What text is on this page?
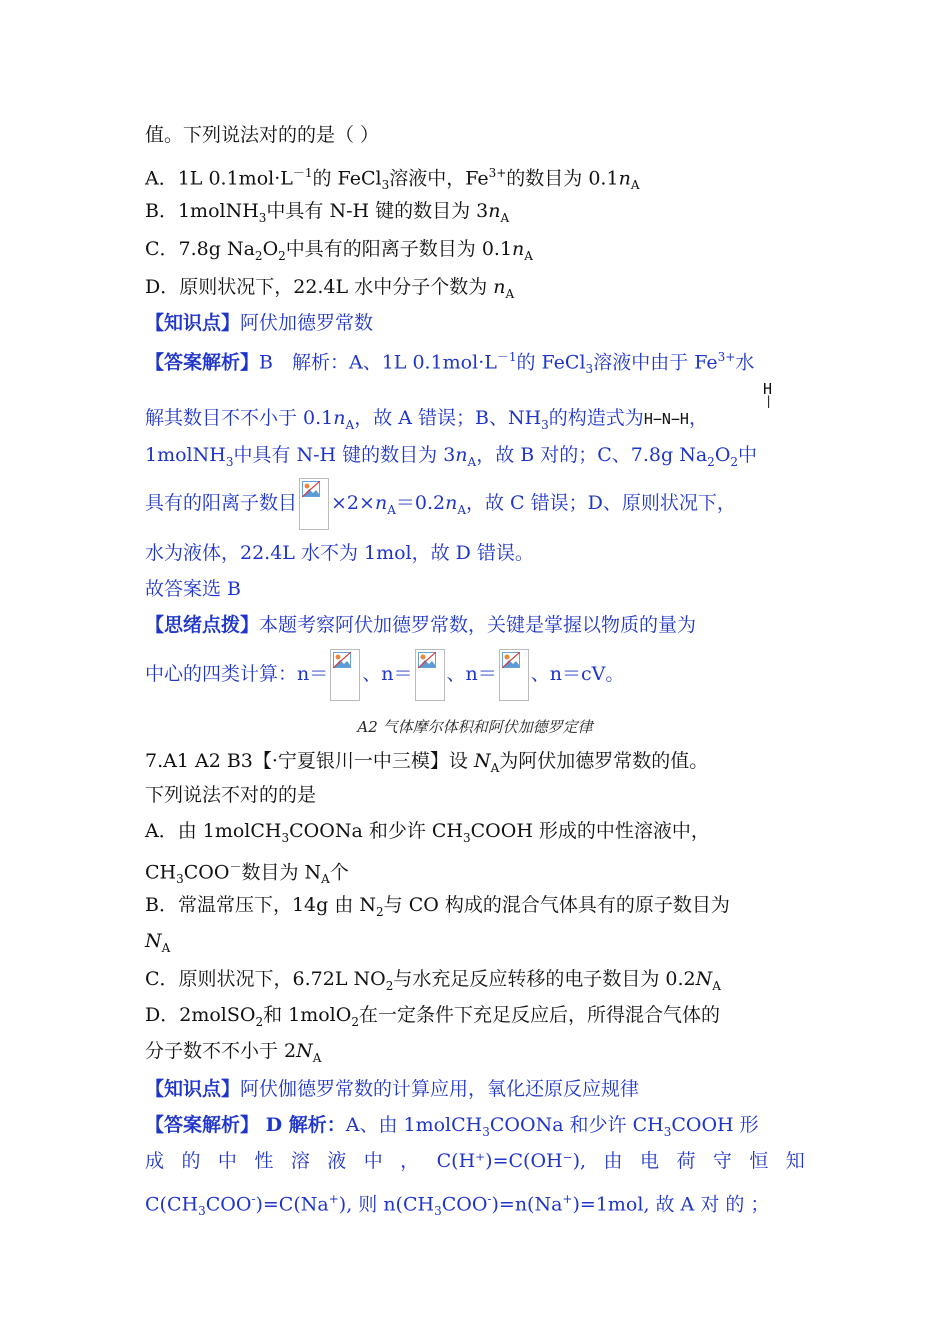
值。下列说法对的的是（ ）
A．1L $0.1mol\cdot L^{-1}$的 FeCl$_3$溶液中，$Fe^{3+}$的数目为 $0.1n_A$
B．1molNH$_3$中具有 N-H 键的数目为 $3n_A$
C．7.8g $Na_2O_2$中具有的阳离子数目为 $0.1n_A$
D．原则状况下，22.4L 水中分子个数为 $n_A$
【知识点】阿伏加德罗常数
【答案解析】B　解析：A、1L $0.1mol\cdot L^{-1}$的 FeCl$_3$溶液中由于 $Fe^{3+}$水
H
|
解其数目不不小于 $0.1n_A$，故 A 错误；B、$NH_3$的构造式为H−N−H，
1molNH$_3$中具有 N-H 键的数目为 $3n_A$，故 B 对的；C、7.8g $Na_2O_2$中
具有的阳离子数目 $\times 2\times n_A=0.2n_A$，故 C 错误；D、原则状况下，
水为液体，22.4L 水不为 1mol，故 D 错误。
故答案选 B
【思绪点拨】本题考察阿伏加德罗常数，关键是掌握以物质的量为
中心的四类计算：n＝ 、n＝ 、n＝ 、n＝cV。
A2 气体摩尔体积和阿伏加德罗定律
7.A1 A2 B3【·宁夏银川一中三模】设 $N_A$为阿伏加德罗常数的值。
下列说法不对的的是
A．由 1molCH$_3$COONa 和少许 $CH_3COOH$ 形成的中性溶液中，
$CH_3COO^-$数目为 $N_A$个
B．常温常压下，14g 由 $N_2$与 CO 构成的混合气体具有的原子数目为
$N_A$
C．原则状况下，6.72L $NO_2$与水充足反应转移的电子数目为 $0.2N_A$
D．2molSO$_2$和 1molO$_2$在一定条件下充足反应后，所得混合气体的
分子数不不小于 $2N_A$
【知识点】阿伏伽德罗常数的计算应用，氧化还原反应规律
【答案解析】 D 解析：A、由 1molCH$_3$COONa 和少许 $CH_3COOH$ 形
成 的 中 性 溶 液 中 ， C(H⁺)=C(OH⁻), 由 电 荷 守 恒 知
$C(CH_3COO^-)=C(Na^+)$, 则 $n(CH_3COO^-)=n(Na^+)=1mol$, 故 A 对 的 ；
